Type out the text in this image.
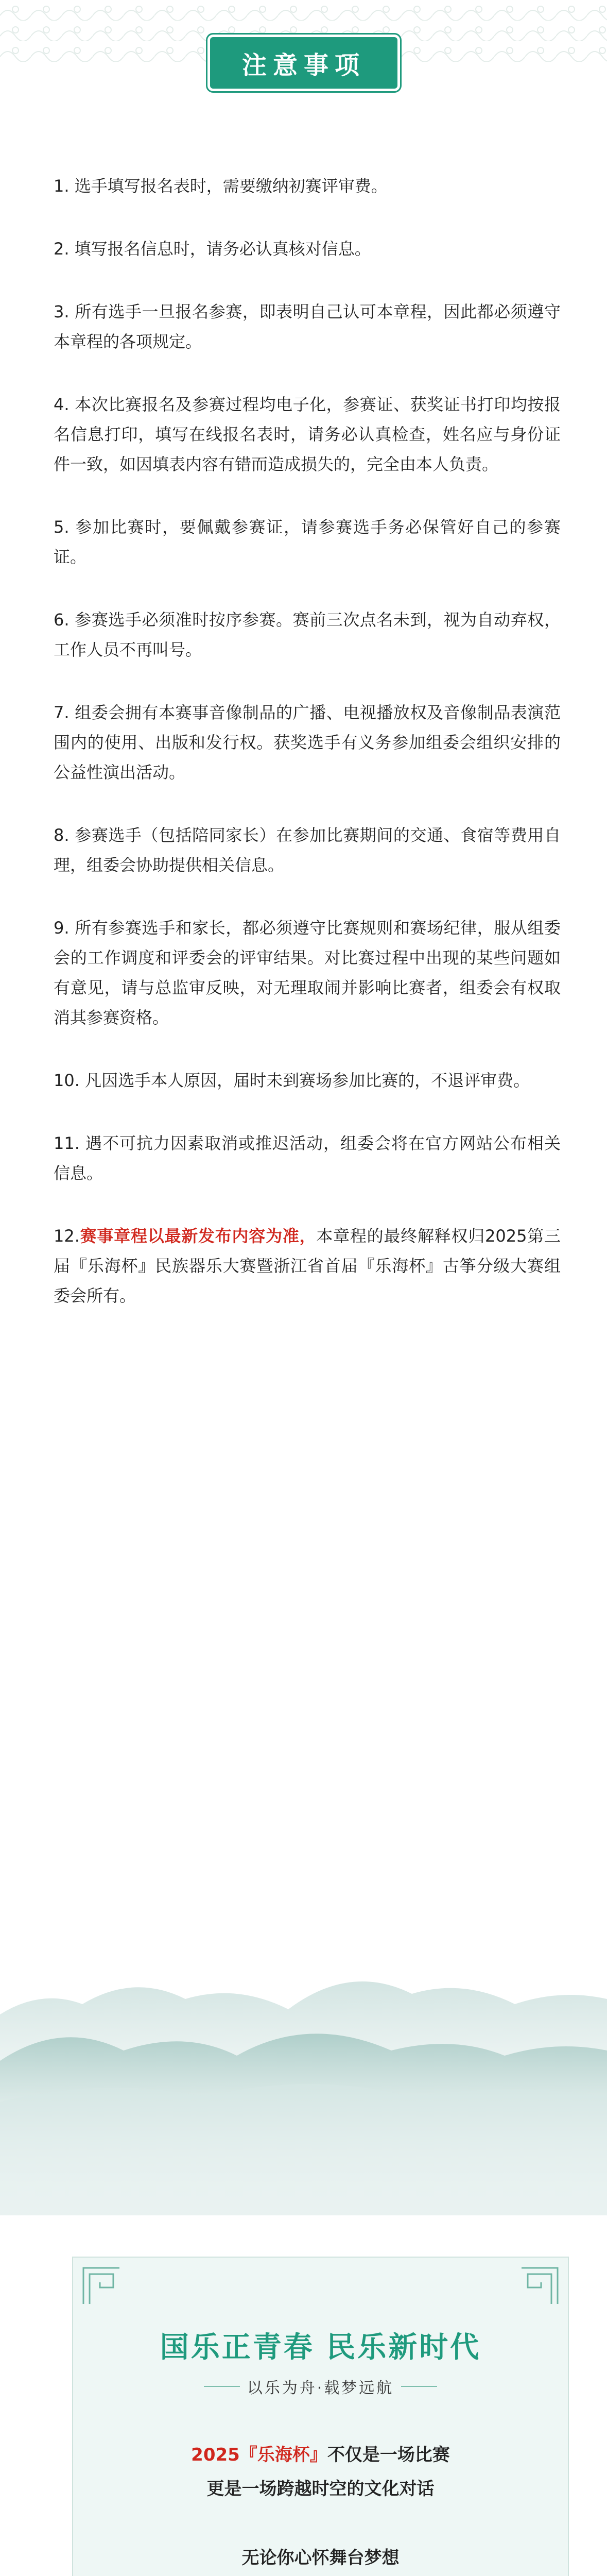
注意事项

1. 选手填写报名表时，需要缴纳初赛评审费。

2. 填写报名信息时，请务必认真核对信息。

3. 所有选手一旦报名参赛，即表明自己认可本章程，因此都必须遵守本章程的各项规定。

4. 本次比赛报名及参赛过程均电子化，参赛证、获奖证书打印均按报名信息打印，填写在线报名表时，请务必认真检查，姓名应与身份证件一致，如因填表内容有错而造成损失的，完全由本人负责。

5. 参加比赛时，要佩戴参赛证，请参赛选手务必保管好自己的参赛证。

6. 参赛选手必须准时按序参赛。赛前三次点名未到，视为自动弃权，工作人员不再叫号。

7. 组委会拥有本赛事音像制品的广播、电视播放权及音像制品表演范围内的使用、出版和发行权。获奖选手有义务参加组委会组织安排的公益性演出活动。

8. 参赛选手（包括陪同家长）在参加比赛期间的交通、食宿等费用自理，组委会协助提供相关信息。

9. 所有参赛选手和家长，都必须遵守比赛规则和赛场纪律，服从组委会的工作调度和评委会的评审结果。对比赛过程中出现的某些问题如有意见，请与总监审反映，对无理取闹并影响比赛者，组委会有权取消其参赛资格。

10. 凡因选手本人原因，届时未到赛场参加比赛的，不退评审费。

11. 遇不可抗力因素取消或推迟活动，组委会将在官方网站公布相关信息。

12.赛事章程以最新发布内容为准，本章程的最终解释权归2025第三届『乐海杯』民族器乐大赛暨浙江省首届『乐海杯』古筝分级大赛组委会所有。

国乐正青春 民乐新时代
以乐为舟·载梦远航
2025『乐海杯』不仅是一场比赛
更是一场跨越时空的文化对话
无论你心怀舞台梦想
